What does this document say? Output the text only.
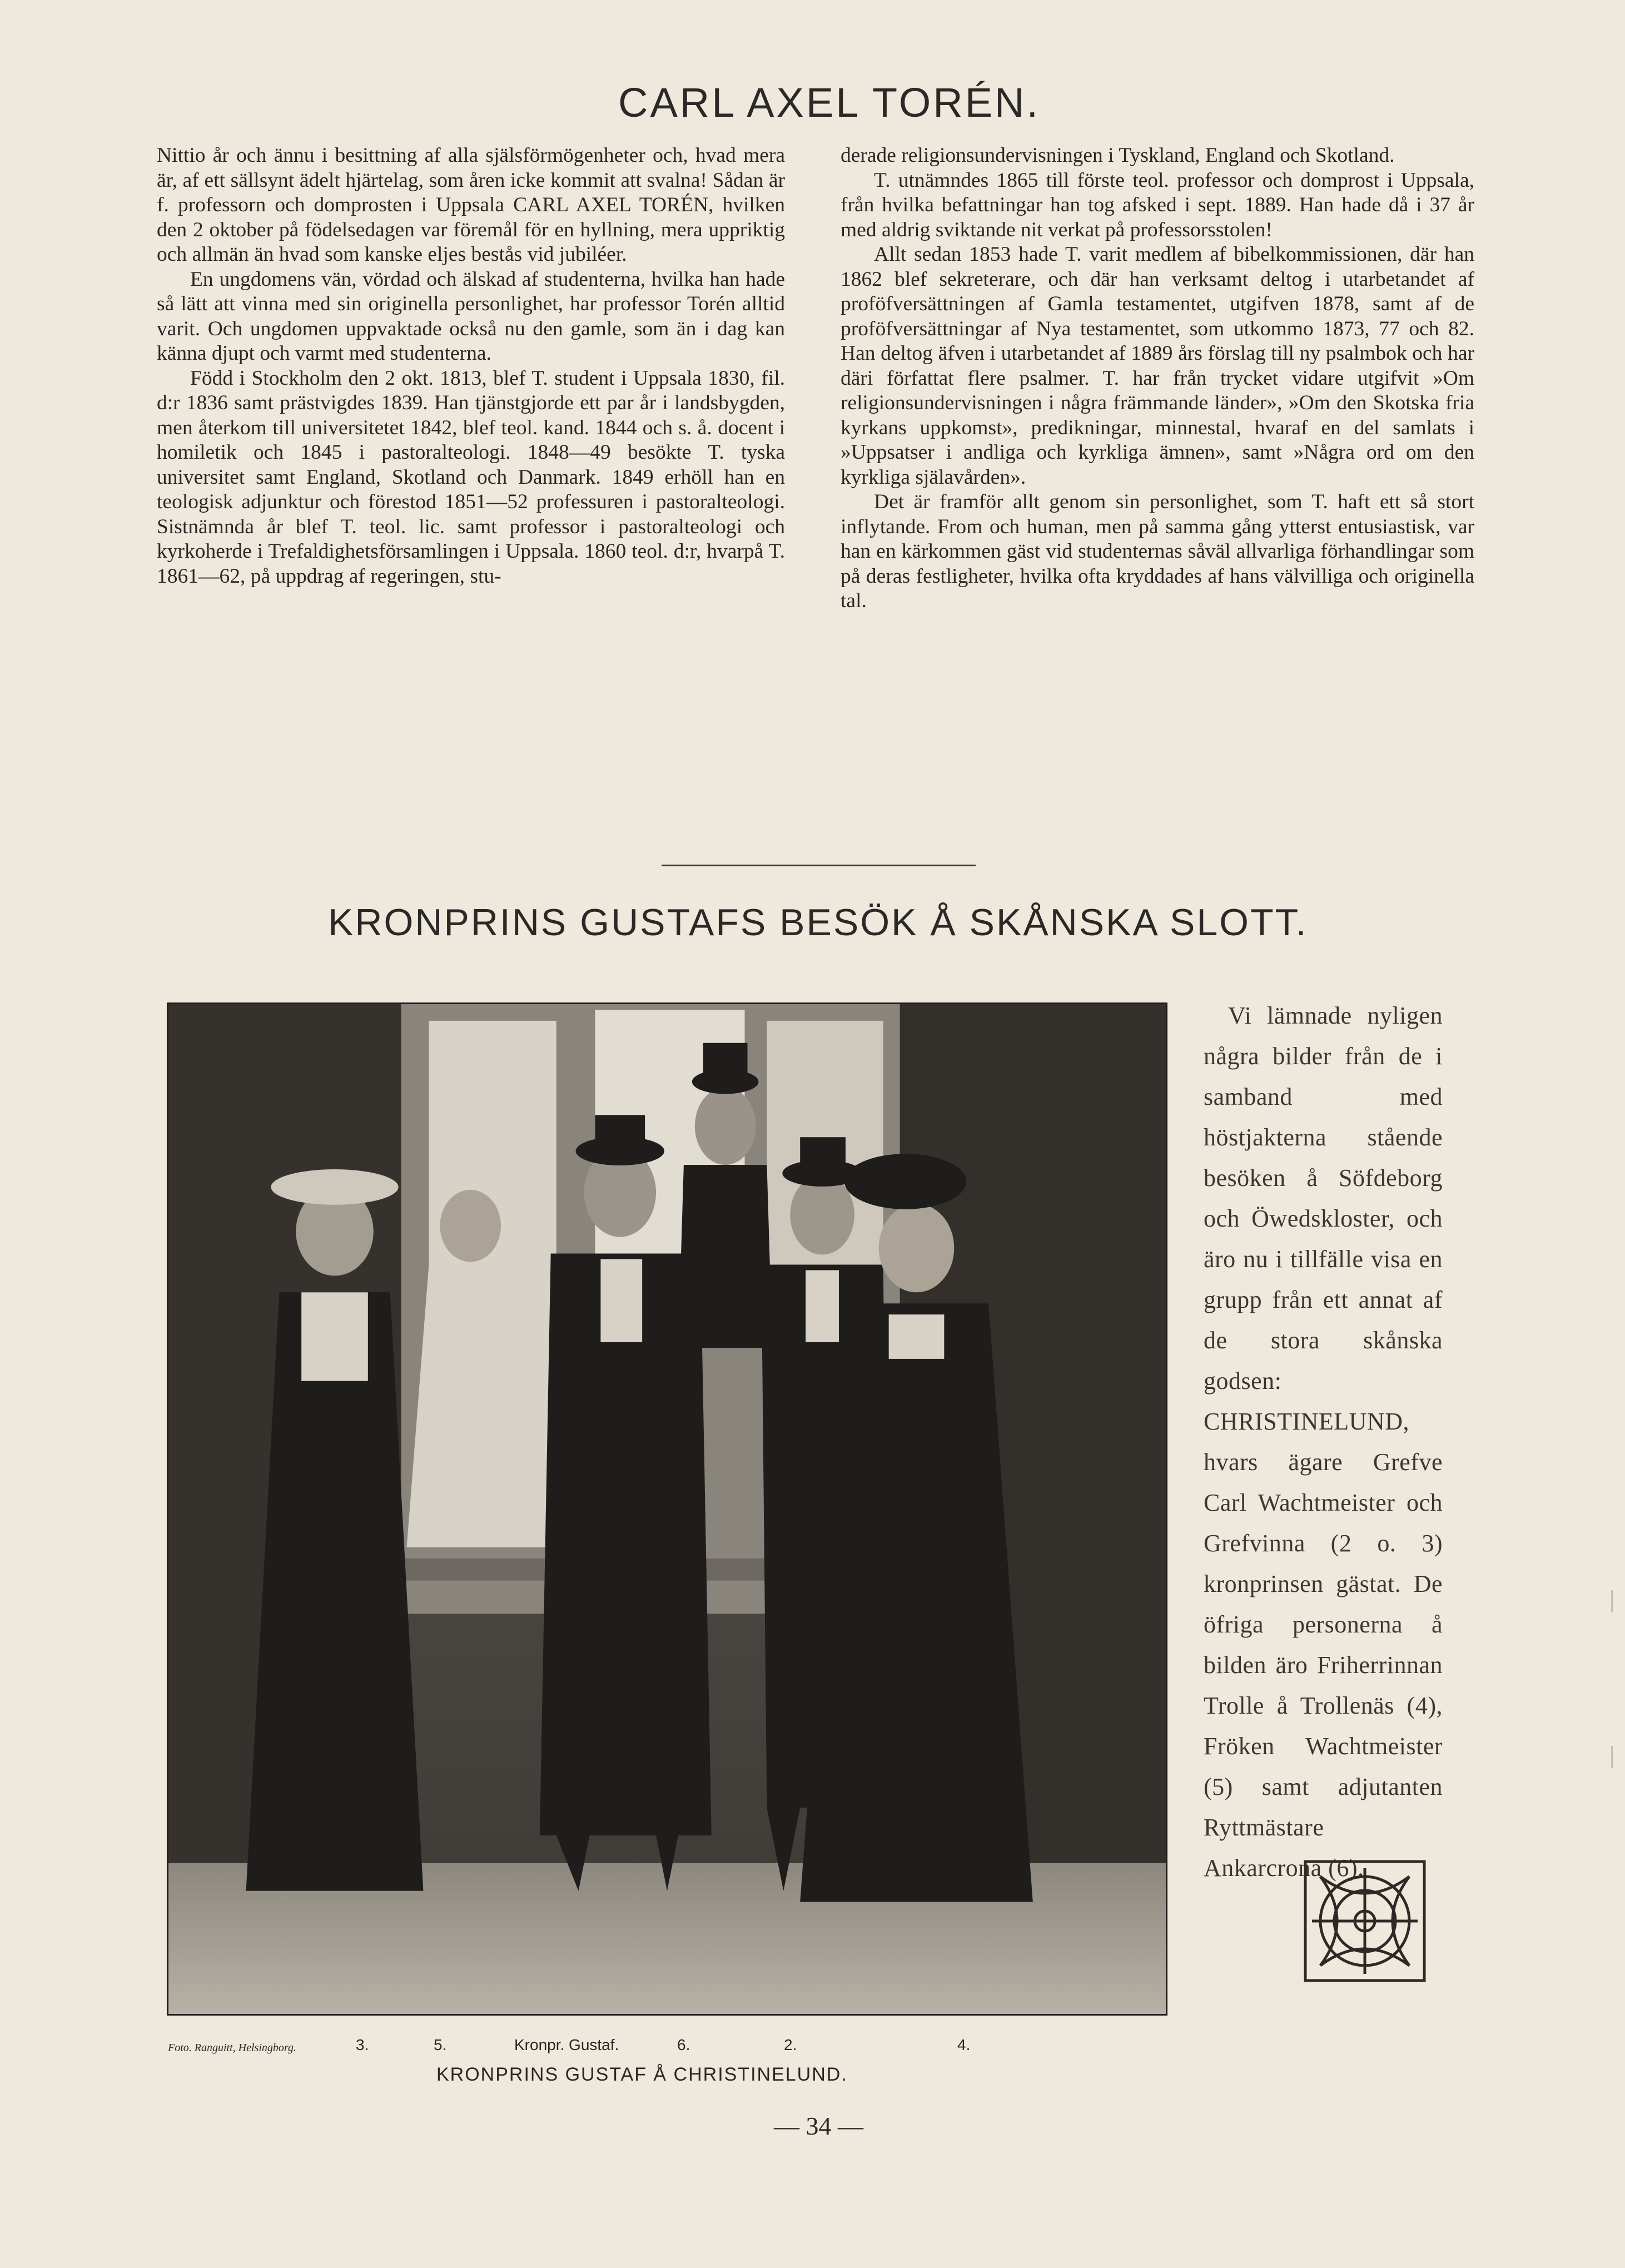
CARL AXEL TORÉN.

Nittio år och ännu i besittning af alla själsförmögenheter och, hvad mera är, af ett sällsynt ädelt hjärtelag, som åren icke kommit att svalna! Sådan är f. professorn och domprosten i Uppsala CARL AXEL TORÉN, hvilken den 2 oktober på födelsedagen var föremål för en hyllning, mera uppriktig och allmän än hvad som kanske eljes bestås vid jubiléer.

En ungdomens vän, vördad och älskad af studenterna, hvilka han hade så lätt att vinna med sin originella personlighet, har professor Torén alltid varit. Och ungdomen uppvaktade också nu den gamle, som än i dag kan känna djupt och varmt med studenterna.

Född i Stockholm den 2 okt. 1813, blef T. student i Uppsala 1830, fil. d:r 1836 samt prästvigdes 1839. Han tjänstgjorde ett par år i landsbygden, men återkom till universitetet 1842, blef teol. kand. 1844 och s. å. docent i homiletik och 1845 i pastoralteologi. 1848—49 besökte T. tyska universitet samt England, Skotland och Danmark. 1849 erhöll han en teologisk adjunktur och förestod 1851—52 professuren i pastoralteologi. Sistnämnda år blef T. teol. lic. samt professor i pastoralteologi och kyrkoherde i Trefaldighetsförsamlingen i Uppsala. 1860 teol. d:r, hvarpå T. 1861—62, på uppdrag af regeringen, stu-

derade religionsundervisningen i Tyskland, England och Skotland.

T. utnämndes 1865 till förste teol. professor och domprost i Uppsala, från hvilka befattningar han tog afsked i sept. 1889. Han hade då i 37 år med aldrig sviktande nit verkat på professorsstolen!

Allt sedan 1853 hade T. varit medlem af bibelkommissionen, där han 1862 blef sekreterare, och där han verksamt deltog i utarbetandet af proföfversättningen af Gamla testamentet, utgifven 1878, samt af de proföfversättningar af Nya testamentet, som utkommo 1873, 77 och 82. Han deltog äfven i utarbetandet af 1889 års förslag till ny psalmbok och har däri författat flere psalmer. T. har från trycket vidare utgifvit »Om religionsundervisningen i några främmande länder», »Om den Skotska fria kyrkans uppkomst», predikningar, minnestal, hvaraf en del samlats i »Uppsatser i andliga och kyrkliga ämnen», samt »Några ord om den kyrkliga själavården».

Det är framför allt genom sin personlighet, som T. haft ett så stort inflytande. From och human, men på samma gång ytterst entusiastisk, var han en kärkommen gäst vid studenternas såväl allvarliga förhandlingar som på deras festligheter, hvilka ofta kryddades af hans välvilliga och originella tal.

KRONPRINS GUSTAFS BESÖK Å SKÅNSKA SLOTT.

Vi lämnade nyligen några bilder från de i samband med höstjakterna stående besöken å Söfdeborg och Öwedskloster, och äro nu i tillfälle visa en grupp från ett annat af de stora skånska godsen: CHRISTINELUND, hvars ägare Grefve Carl Wachtmeister och Grefvinna (2 o. 3) kronprinsen gästat. De öfriga personerna å bilden äro Friherrinnan Trolle å Trollenäs (4), Fröken Wachtmeister (5) samt adjutanten Ryttmästare Ankarcrona (6).

Foto. Ranguitt, Helsingborg.	3.	5.	Kronpr. Gustaf.	6.	2.	4.
KRONPRINS GUSTAF Å CHRISTINELUND.
— 34 —
